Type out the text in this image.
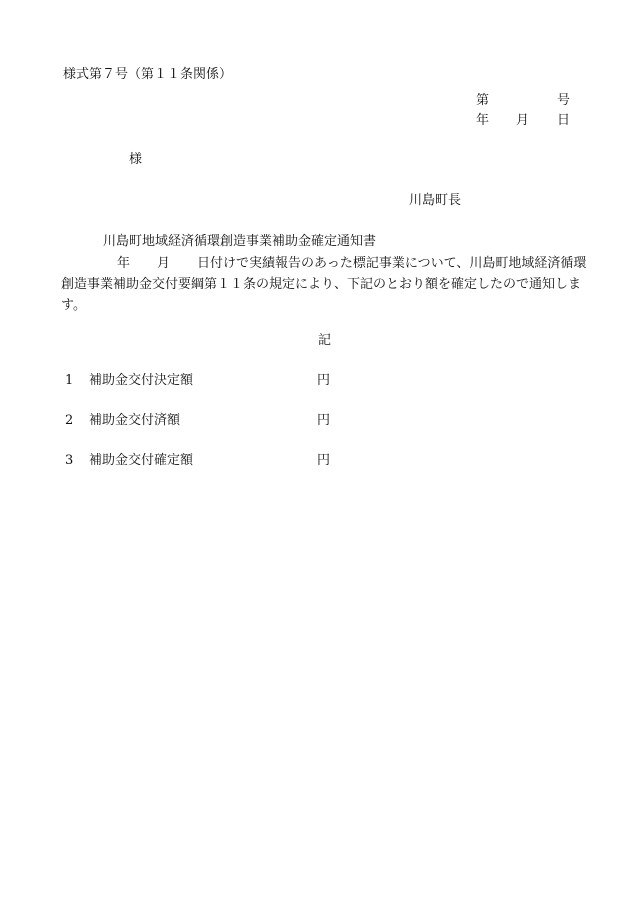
様式第７号（第１１条関係）
第	号
年 月 日
様
川島町長
川島町地域経済循環創造事業補助金確定通知書
年 月 日付けで実績報告のあった標記事業について、川島町地域経済循環創造事業補助金交付要綱第１１条の規定により、下記のとおり額を確定したので通知します。
記
1 補助金交付決定額	円
2 補助金交付済額	円
3 補助金交付確定額	円
